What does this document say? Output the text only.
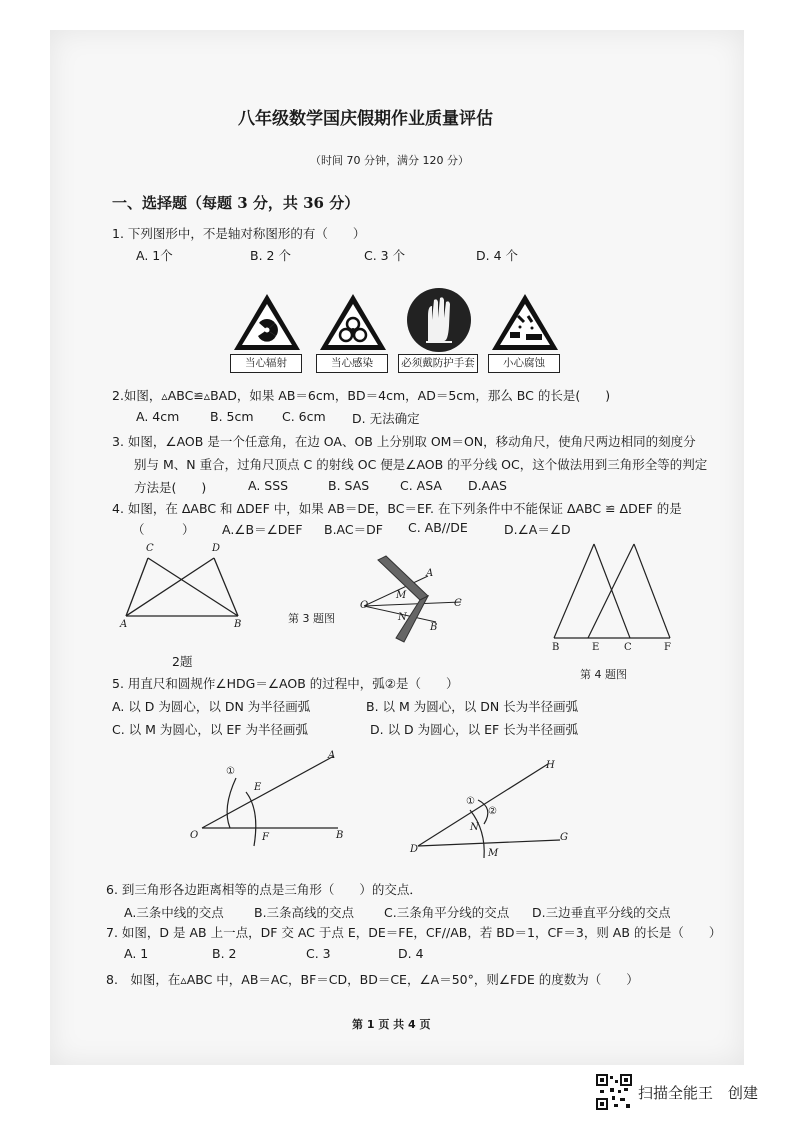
八年级数学国庆假期作业质量评估
（时间 70 分钟，满分 120 分）
一、选择题（每题 3 分，共 36 分）
1. 下列图形中，不是轴对称图形的有（　　）
A. 1个	B. 2 个	C. 3 个	D. 4 个
当心辐射	当心感染	必须戴防护手套	小心腐蚀
2.如图，▵ABC≌▵BAD，如果 AB＝6cm，BD＝4cm，AD＝5cm，那么 BC 的长是(　　)
A. 4cm B. 5cm C. 6cm D. 无法确定
3. 如图，∠AOB 是一个任意角，在边 OA、OB 上分别取 OM＝ON，移动角尺，使角尺两边相同的刻度分
别与 M、N 重合，过角尺顶点 C 的射线 OC 便是∠AOB 的平分线 OC，这个做法用到三角形全等的判定
方法是(　　)	A. SSS	B. SAS C. ASA D.AAS
4. 如图，在 ΔABC 和 ΔDEF 中，如果 AB＝DE，BC＝EF. 在下列条件中不能保证 ΔABC ≌ ΔDEF 的是
（　　　） A.∠B＝∠DEF B.AC＝DF C. AB//DE	D.∠A＝∠D
C	D
A	B
2题
A
M
O
N
B
C
第 3 题图
B	E C	F
第 4 题图
5. 用直尺和圆规作∠HDG＝∠AOB 的过程中，弧②是（　　）
A. 以 D 为圆心，以 DN 为半径画弧	B. 以 M 为圆心，以 DN 长为半径画弧
C. 以 M 为圆心，以 EF 为半径画弧	D. 以 D 为圆心，以 EF 长为半径画弧
①
A
E
O	F	B
H
①
②
N
D	M
G
6. 到三角形各边距离相等的点是三角形（　　）的交点．
A.三条中线的交点 B.三条高线的交点 C.三条角平分线的交点 D.三边垂直平分线的交点
7. 如图，D 是 AB 上一点，DF 交 AC 于点 E，DE＝FE，CF//AB，若 BD＝1，CF＝3，则 AB 的长是（　　）
A. 1	B. 2	C. 3	D. 4
8.　如图，在▵ABC 中，AB＝AC，BF＝CD，BD＝CE，∠A＝50°，则∠FDE 的度数为（　　）
第 1 页 共 4 页
扫描全能王　创建
